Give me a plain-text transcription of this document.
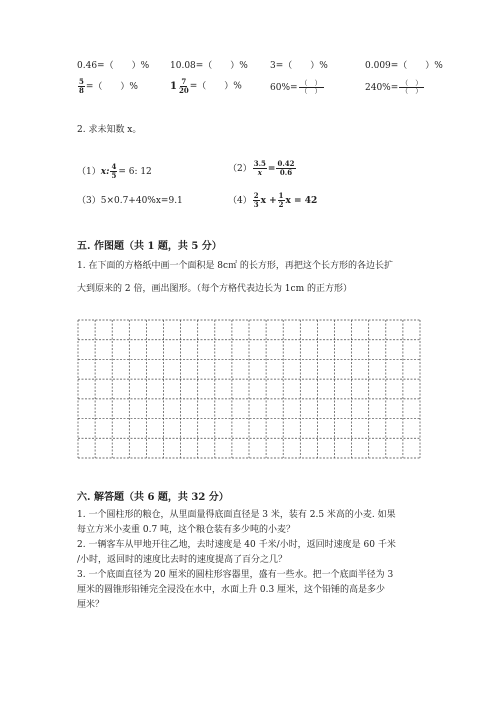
0.46=（　　）% 10.08=（　　）% 3=（　　）%	0.009=（　　）%
$\frac{5}{8}$ =（　　）%	$1 \frac{7}{20}$ =（　　）%	$60\%= \frac{( )}{( )}$	$240\%= \frac{( )}{( )}$
2. 求未知数 x。
（1）x: $\frac{4}{5} = 6$: 12	$(2) \frac{3.5}{x} = \frac{0.42}{0.6}$
（3）5×0.7+40%x=9.1	$(4) \frac{2}{3}$ $x + \frac{1}{2}$ x = 42
五. 作图题（共 1 题，共 5 分）
1. 在下面的方格纸中画一个面积是 8c㎡ 的长方形，再把这个长方形的各边长扩
大到原来的 2 倍，画出图形。（每个方格代表边长为 1cm 的正方形）
六. 解答题（共 6 题，共 32 分）
1. 一个圆柱形的粮仓，从里面量得底面直径是 3 米，装有 2.5 米高的小麦. 如果
每立方米小麦重 0.7 吨，这个粮仓装有多少吨的小麦？
2. 一辆客车从甲地开往乙地，去时速度是 40 千米/小时，返回时速度是 60 千米
/小时，返回时的速度比去时的速度提高了百分之几？
3. 一个底面直径为 20 厘米的圆柱形容器里，盛有一些水。把一个底面半径为 3
厘米的圆锥形铅锤完全浸没在水中，水面上升 0.3 厘米，这个铅锤的高是多少
厘米？
